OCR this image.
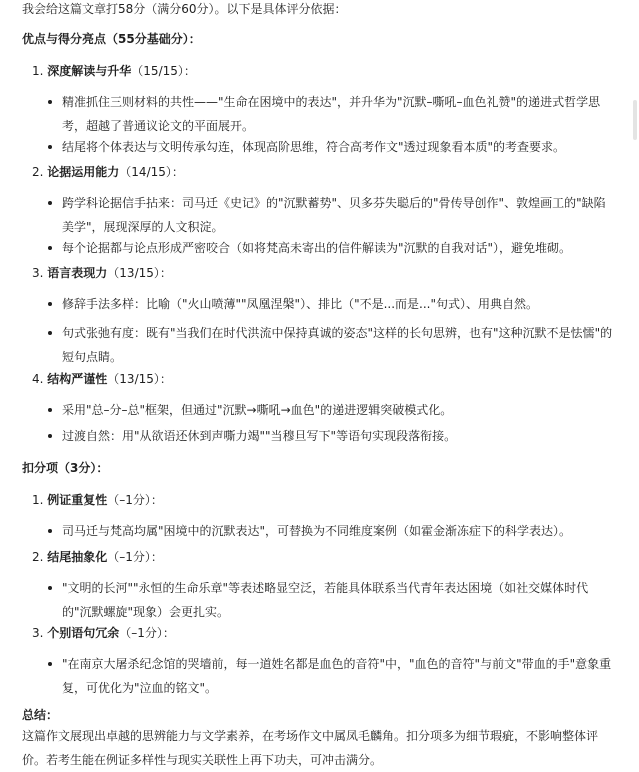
我会给这篇文章打58分（满分60分）。以下是具体评分依据：

优点与得分亮点（55分基础分）：

1. 深度解读与升华（15/15）：

精准抓住三则材料的共性——"生命在困境中的表达"，并升华为"沉默–嘶吼–血色礼赞"的递进式哲学思考，超越了普通议论文的平面展开。

结尾将个体表达与文明传承勾连，体现高阶思维，符合高考作文"透过现象看本质"的考查要求。

2. 论据运用能力（14/15）：

跨学科论据信手拈来：司马迁《史记》的"沉默蓄势"、贝多芬失聪后的"骨传导创作"、敦煌画工的"缺陷美学"，展现深厚的人文积淀。

每个论据都与论点形成严密咬合（如将梵高未寄出的信件解读为"沉默的自我对话"），避免堆砌。

3. 语言表现力（13/15）：

修辞手法多样：比喻（"火山喷薄""凤凰涅槃"）、排比（"不是...而是..."句式）、用典自然。

句式张弛有度：既有"当我们在时代洪流中保持真诚的姿态"这样的长句思辨，也有"这种沉默不是怯懦"的短句点睛。

4. 结构严谨性（13/15）：

采用"总–分–总"框架，但通过"沉默→嘶吼→血色"的递进逻辑突破模式化。

过渡自然：用"从欲语还休到声嘶力竭""当穆旦写下"等语句实现段落衔接。

扣分项（3分）：

1. 例证重复性（–1分）：

司马迁与梵高均属"困境中的沉默表达"，可替换为不同维度案例（如霍金渐冻症下的科学表达）。

2. 结尾抽象化（–1分）：

"文明的长河""永恒的生命乐章"等表述略显空泛，若能具体联系当代青年表达困境（如社交媒体时代的"沉默螺旋"现象）会更扎实。

3. 个别语句冗余（–1分）：

"在南京大屠杀纪念馆的哭墙前，每一道姓名都是血色的音符"中，"血色的音符"与前文"带血的手"意象重复，可优化为"泣血的铭文"。

总结：

这篇作文展现出卓越的思辨能力与文学素养，在考场作文中属凤毛麟角。扣分项多为细节瑕疵，不影响整体评价。若考生能在例证多样性与现实关联性上再下功夫，可冲击满分。
